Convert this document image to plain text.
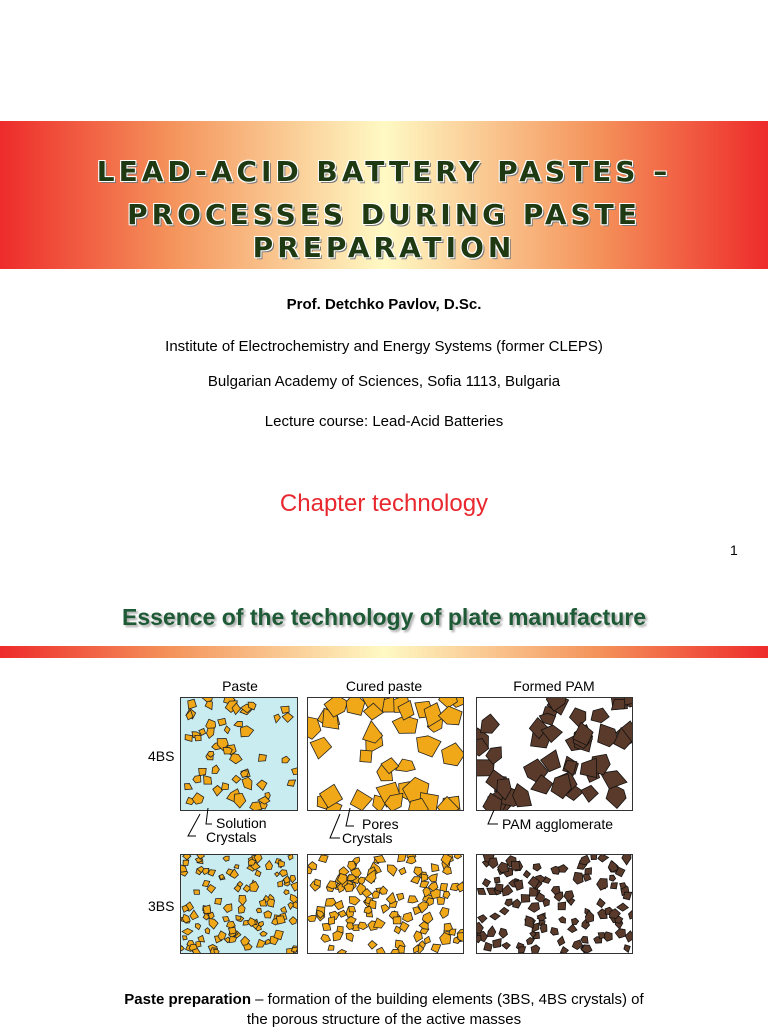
LEAD-ACID BATTERY PASTES –
PROCESSES DURING PASTE PREPARATION
Prof. Detchko Pavlov, D.Sc.
Institute of Electrochemistry and Energy Systems (former CLEPS)
Bulgarian Academy of Sciences, Sofia 1113, Bulgaria
Lecture course: Lead-Acid Batteries
Chapter technology
1
Essence of the technology of plate manufacture
Paste	Cured paste	Formed PAM
4BS
3BS
Solution
Crystals
Pores
Crystals
PAM agglomerate
Paste preparation – formation of the building elements (3BS, 4BS crystals) of
the porous structure of the active masses
